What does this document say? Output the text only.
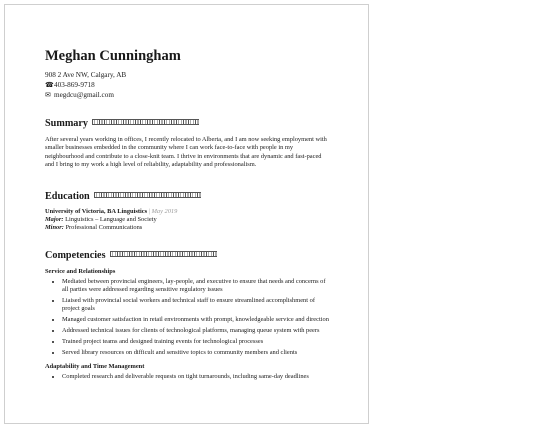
Meghan Cunningham
908 2 Ave NW, Calgary, AB
☎403-869-9718
✉ megdcu@gmail.com
Summary

After several years working in offices, I recently relocated to Alberta, and I am now seeking employment with smaller businesses embedded in the community where I can work face-to-face with people in my neighbourhood and contribute to a close-knit team. I thrive in environments that are dynamic and fast-paced and I bring to my work a high level of reliability, adaptability and professionalism.

Education
University of Victoria, BA Linguistics | May 2019
Major: Linguistics – Language and Society
Minor: Professional Communications
Competencies
Service and Relationships
• Mediated between provincial engineers, lay-people, and executive to ensure that needs and concerns of all parties were addressed regarding sensitive regulatory issues
• Liaised with provincial social workers and technical staff to ensure streamlined accomplishment of project goals
• Managed customer satisfaction in retail environments with prompt, knowledgeable service and direction
• Addressed technical issues for clients of technological platforms, managing queue system with peers
• Trained project teams and designed training events for technological processes
• Served library resources on difficult and sensitive topics to community members and clients
Adaptability and Time Management
• Completed research and deliverable requests on tight turnarounds, including same-day deadlines
